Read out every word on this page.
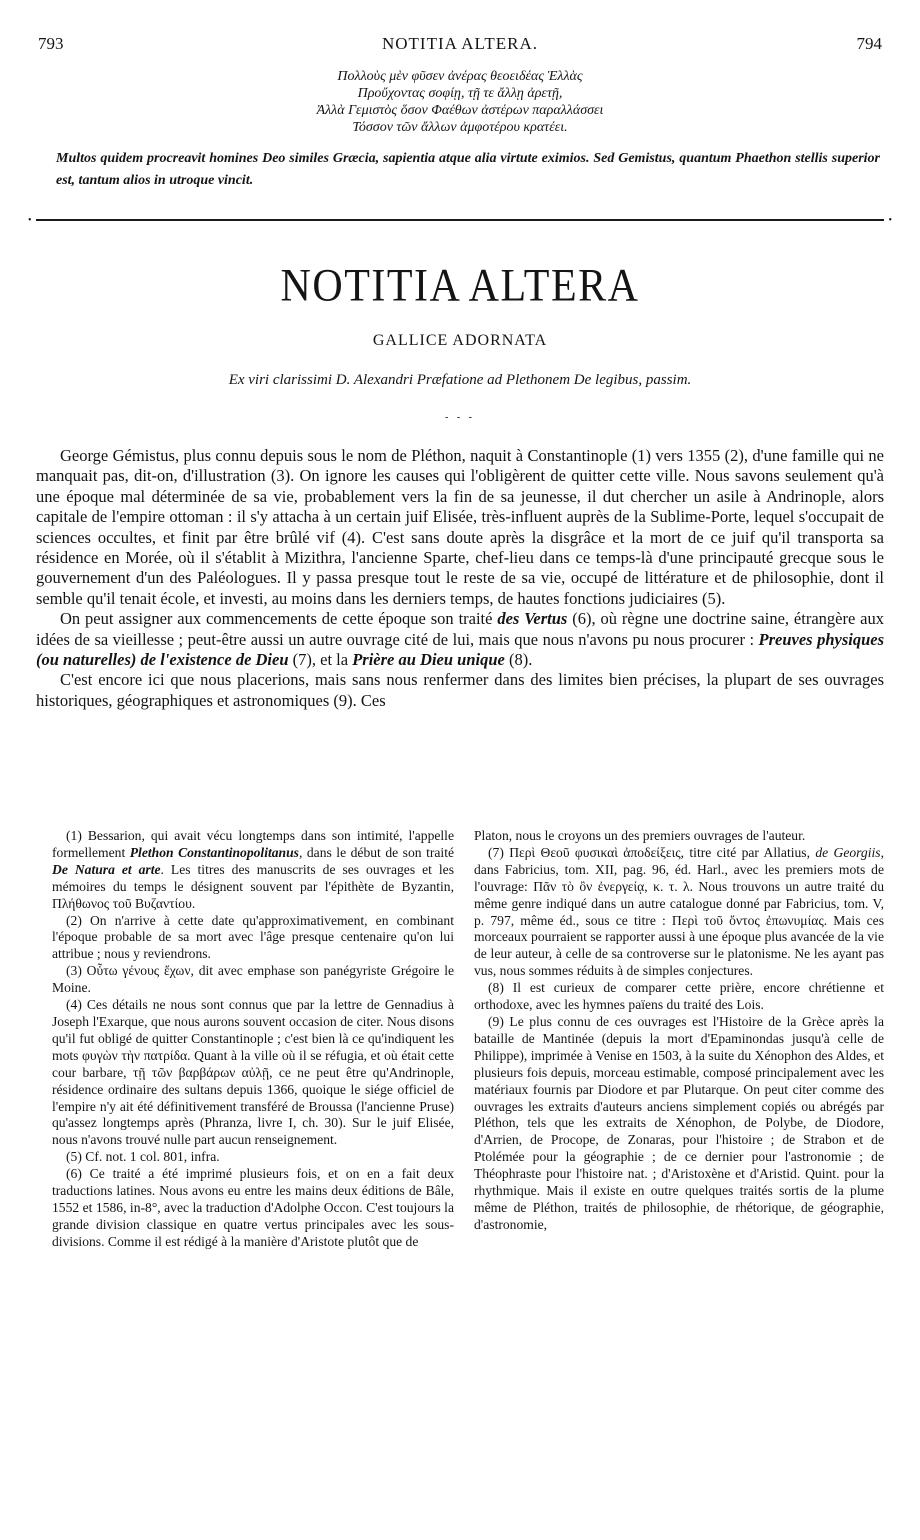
793	NOTITIA ALTERA.	794
Πολλοὺς μὲν φῦσεν ἀνέρας θεοειδέας Ἑλλὰς
Προὔχοντας σοφίῃ, τῇ τε ἄλλῃ ἀρετῇ,
Ἀλλὰ Γεμιστὸς ὅσον Φαέθων ἀστέρων παραλλάσσει
Τόσσον τῶν ἄλλων ἀμφοτέρου κρατέει.
Multos quidem procreavit homines Deo similes Græcia, sapientia atque alia virtute eximios. Sed Gemistus, quantum Phaethon stellis superior est, tantum alios in utroque vincit.
•	•
NOTITIA ALTERA
GALLICE ADORNATA
Ex viri clarissimi D. Alexandri Præfatione ad Plethonem De legibus, passim.
- - -

George Gémistus, plus connu depuis sous le nom de Pléthon, naquit à Constantinople (1) vers 1355 (2), d'une famille qui ne manquait pas, dit-on, d'illustration (3). On ignore les causes qui l'obligèrent de quitter cette ville. Nous savons seulement qu'à une époque mal déterminée de sa vie, probablement vers la fin de sa jeunesse, il dut chercher un asile à Andrinople, alors capitale de l'empire ottoman : il s'y attacha à un certain juif Elisée, très-influent auprès de la Sublime-Porte, lequel s'occupait de sciences occultes, et finit par être brûlé vif (4). C'est sans doute après la disgrâce et la mort de ce juif qu'il transporta sa résidence en Morée, où il s'établit à Mizithra, l'ancienne Sparte, chef-lieu dans ce temps-là d'une principauté grecque sous le gouvernement d'un des Paléologues. Il y passa presque tout le reste de sa vie, occupé de littérature et de philosophie, dont il semble qu'il tenait école, et investi, au moins dans les derniers temps, de hautes fonctions judiciaires (5).

On peut assigner aux commencements de cette époque son traité des Vertus (6), où règne une doctrine saine, étrangère aux idées de sa vieillesse ; peut-être aussi un autre ouvrage cité de lui, mais que nous n'avons pu nous procurer : Preuves physiques (ou naturelles) de l'existence de Dieu (7), et la Prière au Dieu unique (8).

C'est encore ici que nous placerions, mais sans nous renfermer dans des limites bien précises, la plupart de ses ouvrages historiques, géographiques et astronomiques (9). Ces

(1) Bessarion, qui avait vécu longtemps dans son intimité, l'appelle formellement Plethon Constantinopolitanus, dans le début de son traité De Natura et arte. Les titres des manuscrits de ses ouvrages et les mémoires du temps le désignent souvent par l'épithète de Byzantin, Πλήθωνος τοῦ Βυζαντίου.

(2) On n'arrive à cette date qu'approximativement, en combinant l'époque probable de sa mort avec l'âge presque centenaire qu'on lui attribue ; nous y reviendrons.

(3) Οὗτω γένους ἔχων, dit avec emphase son panégyriste Grégoire le Moine.

(4) Ces détails ne nous sont connus que par la lettre de Gennadius à Joseph l'Exarque, que nous aurons souvent occasion de citer. Nous disons qu'il fut obligé de quitter Constantinople ; c'est bien là ce qu'indiquent les mots φυγὼν τὴν πατρίδα. Quant à la ville où il se réfugia, et où était cette cour barbare, τῇ τῶν βαρβάρων αὐλῇ, ce ne peut être qu'Andrinople, résidence ordinaire des sultans depuis 1366, quoique le siége officiel de l'empire n'y ait été définitivement transféré de Broussa (l'ancienne Pruse) qu'assez longtemps après (Phranza, livre I, ch. 30). Sur le juif Elisée, nous n'avons trouvé nulle part aucun renseignement.

(5) Cf. not. 1 col. 801, infra.

(6) Ce traité a été imprimé plusieurs fois, et on en a fait deux traductions latines. Nous avons eu entre les mains deux éditions de Bâle, 1552 et 1586, in-8°, avec la traduction d'Adolphe Occon. C'est toujours la grande division classique en quatre vertus principales avec les sous-divisions. Comme il est rédigé à la manière d'Aristote plutôt que de

Platon, nous le croyons un des premiers ouvrages de l'auteur.

(7) Περὶ Θεοῦ φυσικαὶ ἀποδείξεις, titre cité par Allatius, de Georgiis, dans Fabricius, tom. XII, pag. 96, éd. Harl., avec les premiers mots de l'ouvrage: Πᾶν τὸ ὂν ἐνεργείᾳ, κ. τ. λ. Nous trouvons un autre traité du même genre indiqué dans un autre catalogue donné par Fabricius, tom. V, p. 797, même éd., sous ce titre : Περὶ τοῦ ὄντος ἐπωνυμίας. Mais ces morceaux pourraient se rapporter aussi à une époque plus avancée de la vie de leur auteur, à celle de sa controverse sur le platonisme. Ne les ayant pas vus, nous sommes réduits à de simples conjectures.

(8) Il est curieux de comparer cette prière, encore chrétienne et orthodoxe, avec les hymnes païens du traité des Lois.

(9) Le plus connu de ces ouvrages est l'Histoire de la Grèce après la bataille de Mantinée (depuis la mort d'Epaminondas jusqu'à celle de Philippe), imprimée à Venise en 1503, à la suite du Xénophon des Aldes, et plusieurs fois depuis, morceau estimable, composé principalement avec les matériaux fournis par Diodore et par Plutarque. On peut citer comme des ouvrages les extraits d'auteurs anciens simplement copiés ou abrégés par Pléthon, tels que les extraits de Xénophon, de Polybe, de Diodore, d'Arrien, de Procope, de Zonaras, pour l'histoire ; de Strabon et de Ptolémée pour la géographie ; de ce dernier pour l'astronomie ; de Théophraste pour l'histoire nat. ; d'Aristoxène et d'Aristid. Quint. pour la rhythmique. Mais il existe en outre quelques traités sortis de la plume même de Pléthon, traités de philosophie, de rhétorique, de géographie, d'astronomie,
